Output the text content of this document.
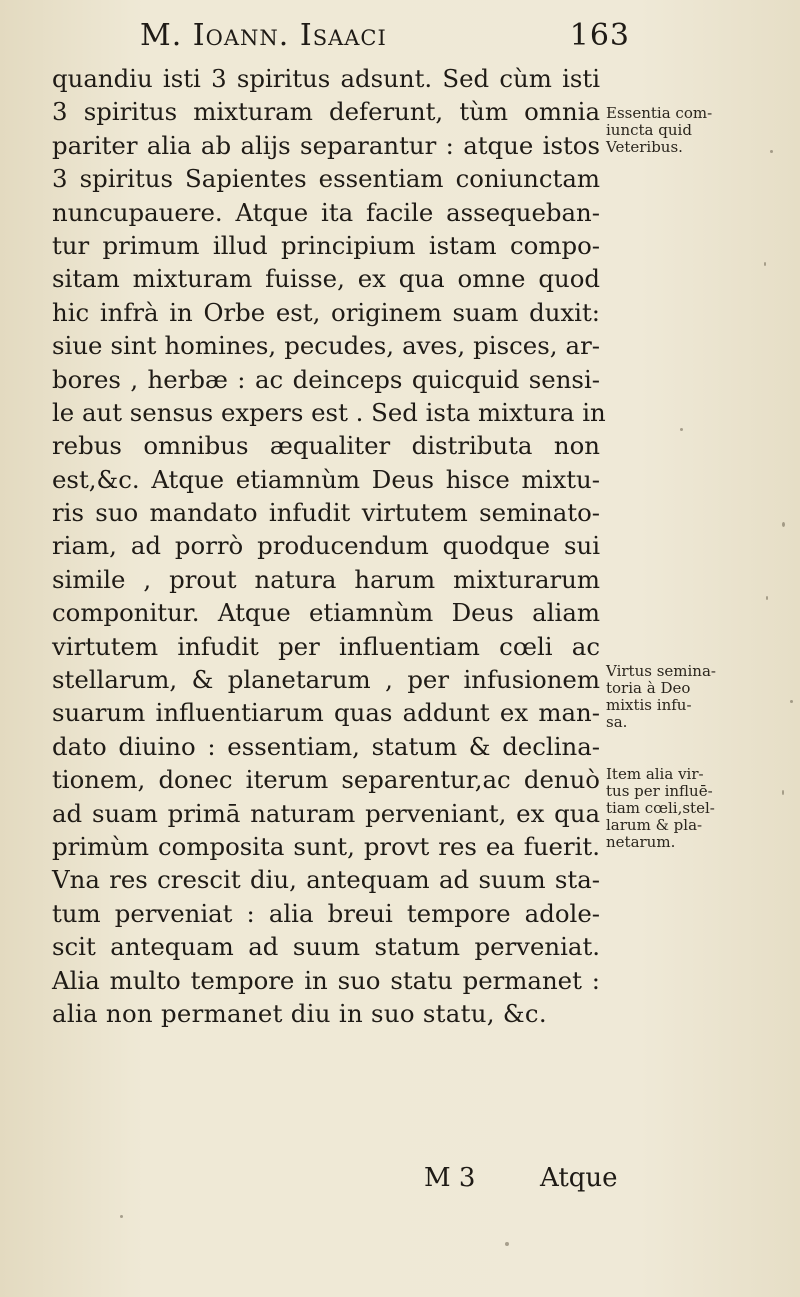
M. Ioann. Isaaci	163
quandiu isti 3 spiritus adsunt. Sed cùm isti
3 spiritus mixturam deferunt, tùm omnia
pariter alia ab alijs separantur : atque istos
3 spiritus Sapientes essentiam coniunctam
nuncupauere. Atque ita facile assequeban-
tur primum illud principium istam compo-
sitam mixturam fuisse, ex qua omne quod
hic infrà in Orbe est, originem suam duxit:
siue sint homines, pecudes, aves, pisces, ar-
bores , herbæ : ac deinceps quicquid sensi-
le aut sensus expers est . Sed ista mixtura in
rebus omnibus æqualiter distributa non
est,&c. Atque etiamnùm Deus hisce mixtu-
ris suo mandato infudit virtutem seminato-
riam, ad porrò producendum quodque sui
simile , prout natura harum mixturarum
componitur. Atque etiamnùm Deus aliam
virtutem infudit per influentiam cœli ac
stellarum, & planetarum , per infusionem
suarum influentiarum quas addunt ex man-
dato diuino : essentiam, statum & declina-
tionem, donec iterum separentur,ac denuò
ad suam primā naturam perveniant, ex qua
primùm composita sunt, provt res ea fuerit.
Vna res crescit diu, antequam ad suum sta-
tum perveniat : alia breui tempore adole-
scit antequam ad suum statum perveniat.
Alia multo tempore in suo statu permanet :
alia non permanet diu in suo statu, &c.
Essentia com-
iuncta quid
Veteribus.
Virtus semina-
toria à Deo
mixtis infu-
sa.
Item alia vir-
tus per influē-
tiam cœli,stel-
larum & pla-
netarum.
M 3 Atque
